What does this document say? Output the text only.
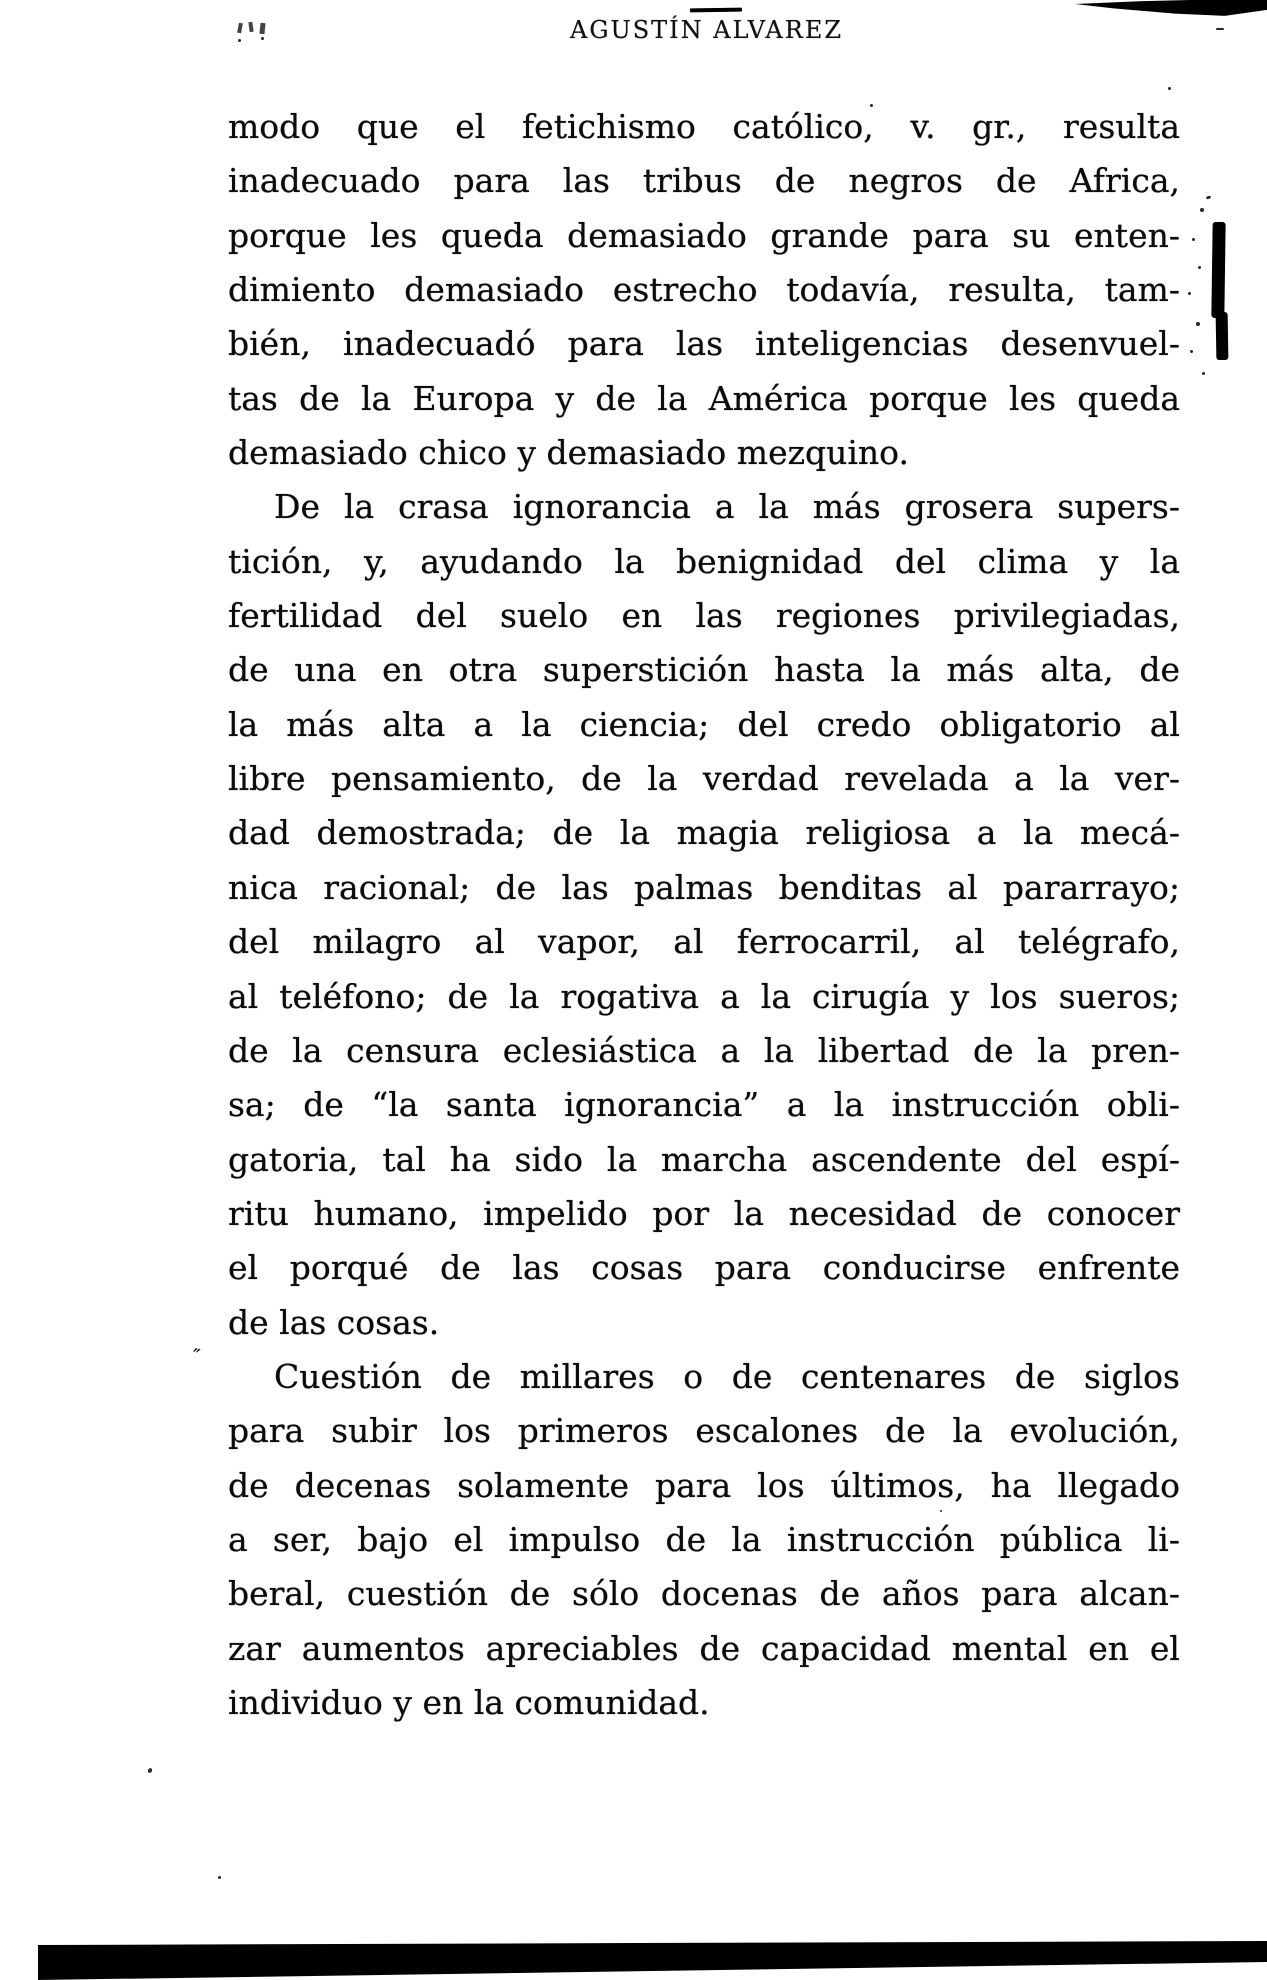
AGUSTÍN ALVAREZ
modo que el fetichismo católico, v. gr., resulta
inadecuado para las tribus de negros de Africa,
porque les queda demasiado grande para su enten-
dimiento demasiado estrecho todavía, resulta, tam-
bién, inadecuadó para las inteligencias desenvuel-
tas de la Europa y de la América porque les queda
demasiado chico y demasiado mezquino.
De la crasa ignorancia a la más grosera supers-
tición, y, ayudando la benignidad del clima y la
fertilidad del suelo en las regiones privilegiadas,
de una en otra superstición hasta la más alta, de
la más alta a la ciencia; del credo obligatorio al
libre pensamiento, de la verdad revelada a la ver-
dad demostrada; de la magia religiosa a la mecá-
nica racional; de las palmas benditas al pararrayo;
del milagro al vapor, al ferrocarril, al telégrafo,
al teléfono; de la rogativa a la cirugía y los sueros;
de la censura eclesiástica a la libertad de la pren-
sa; de “la santa ignorancia” a la instrucción obli-
gatoria, tal ha sido la marcha ascendente del espí-
ritu humano, impelido por la necesidad de conocer
el porqué de las cosas para conducirse enfrente
de las cosas.
Cuestión de millares o de centenares de siglos
para subir los primeros escalones de la evolución,
de decenas solamente para los últimos, ha llegado
a ser, bajo el impulso de la instrucción pública li-
beral, cuestión de sólo docenas de años para alcan-
zar aumentos apreciables de capacidad mental en el
individuo y en la comunidad.
″
